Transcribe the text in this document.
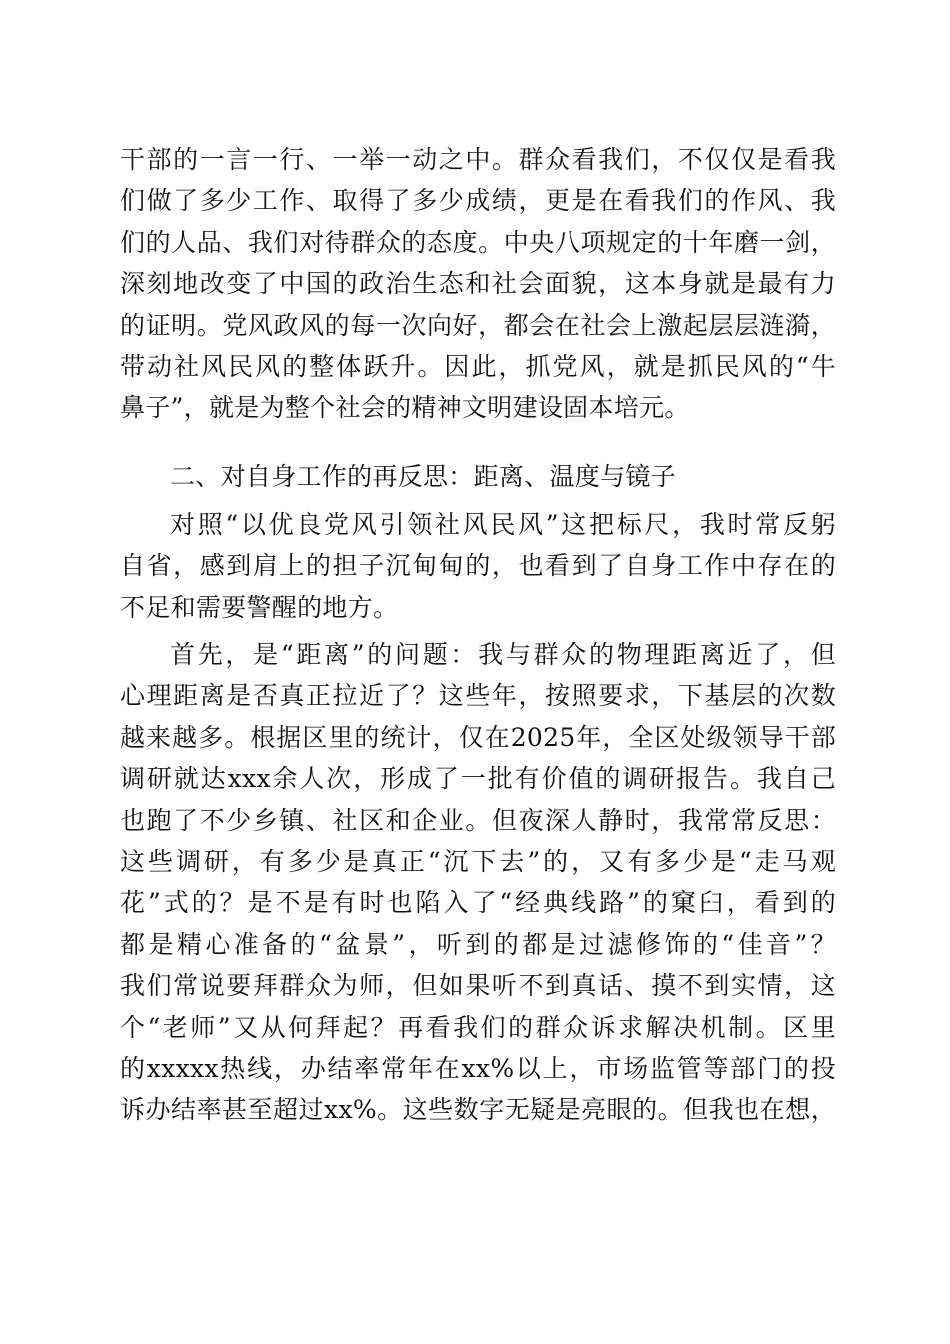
干部的一言一行、一举一动之中。群众看我们，不仅仅是看我
们做了多少工作、取得了多少成绩，更是在看我们的作风、我
们的人品、我们对待群众的态度。中央八项规定的十年磨一剑，
深刻地改变了中国的政治生态和社会面貌，这本身就是最有力
的证明。党风政风的每一次向好，都会在社会上激起层层涟漪，
带动社风民风的整体跃升。因此，抓党风，就是抓民风的“牛
鼻子”，就是为整个社会的精神文明建设固本培元。
二、对自身工作的再反思：距离、温度与镜子
对照“以优良党风引领社风民风”这把标尺，我时常反躬
自省，感到肩上的担子沉甸甸的，也看到了自身工作中存在的
不足和需要警醒的地方。
首先，是“距离”的问题：我与群众的物理距离近了，但
心理距离是否真正拉近了？这些年，按照要求，下基层的次数
越来越多。根据区里的统计，仅在2025年，全区处级领导干部
调研就达xxx余人次，形成了一批有价值的调研报告。我自己
也跑了不少乡镇、社区和企业。但夜深人静时，我常常反思：
这些调研，有多少是真正“沉下去”的，又有多少是“走马观
花”式的？是不是有时也陷入了“经典线路”的窠臼，看到的
都是精心准备的“盆景”，听到的都是过滤修饰的“佳音”？
我们常说要拜群众为师，但如果听不到真话、摸不到实情，这
个“老师”又从何拜起？再看我们的群众诉求解决机制。区里
的xxxxx热线，办结率常年在xx%以上，市场监管等部门的投
诉办结率甚至超过xx%。这些数字无疑是亮眼的。但我也在想，
